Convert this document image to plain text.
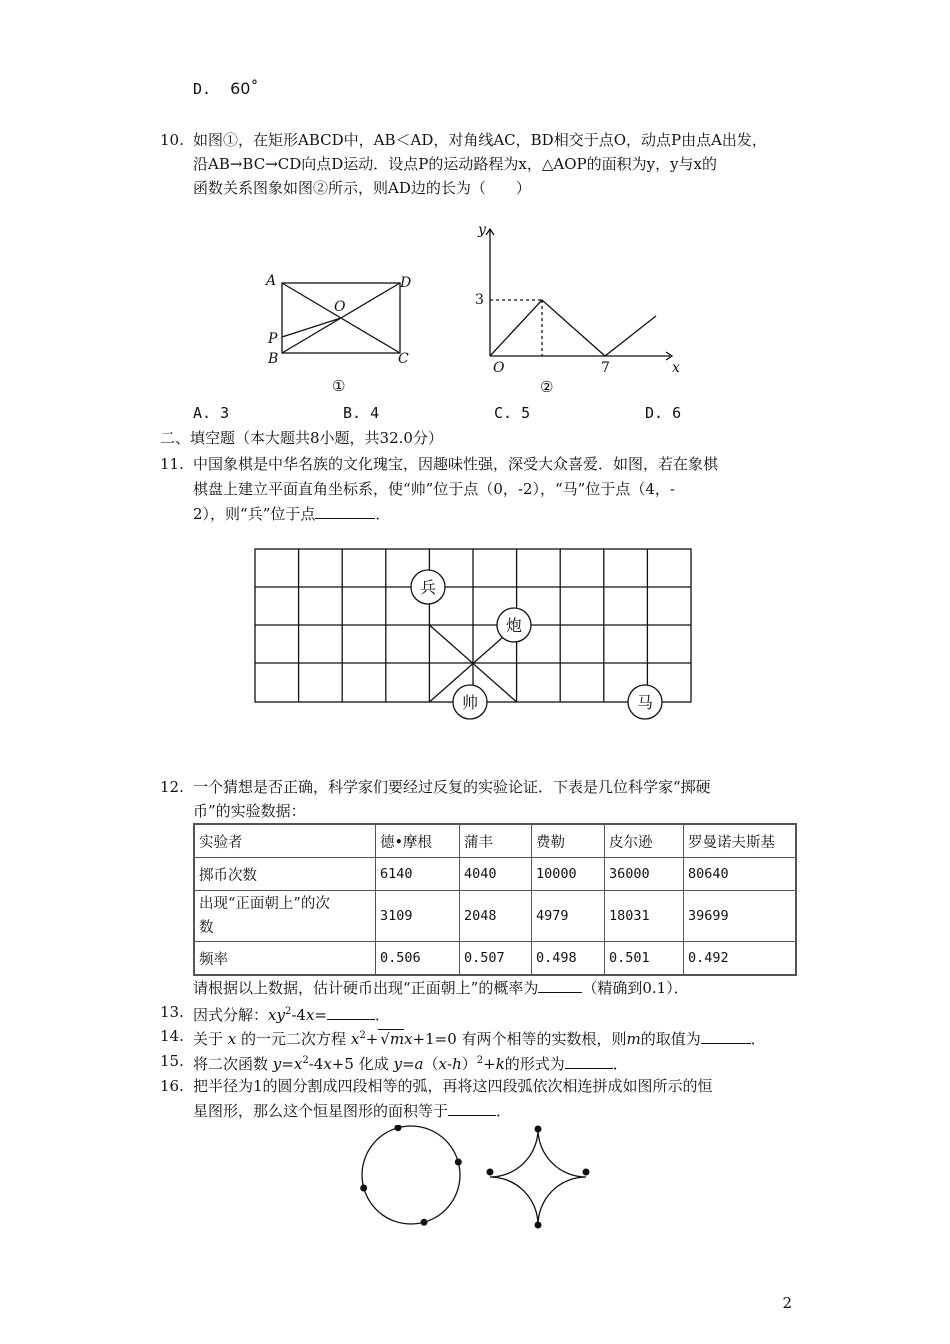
D. 60˚
10. 如图①，在矩形ABCD中，AB＜AD，对角线AC，BD相交于点O，动点P由点A出发，
沿AB→BC→CD向点D运动．设点P的运动路程为x，△AOP的面积为y，y与x的
函数关系图象如图②所示，则AD边的长为（　　）
A	D
O
P
B	C
①
y
x
O
3
7
②
A. 3	B. 4	C. 5	D. 6
二、填空题（本大题共8小题，共32.0分）
11. 中国象棋是中华名族的文化瑰宝，因趣味性强，深受大众喜爱．如图，若在象棋
棋盘上建立平面直角坐标系，使“帅”位于点（0，-2），“马”位于点（4，-
2），则“兵”位于点	．
兵
炮
帅	马
12. 一个猜想是否正确，科学家们要经过反复的实验论证．下表是几位科学家“掷硬
币”的实验数据：
实验者	德•摩根	蒲丰	费勒	皮尔逊	罗曼诺夫斯基
掷币次数	6140	4040	10000	36000	80640
出现“正面朝上”的次
数	3109	2048	4979	18031	39699
频率	0.506	0.507	0.498	0.501	0.492
请根据以上数据，估计硬币出现“正面朝上”的概率为	（精确到0.1）．
13. 因式分解：$xy^2-4x=$	．
14. 关于 x 的一元二次方程 $x^2+ √mx+1=0$ 有两个相等的实数根，则m的取值为	．
15. 将二次函数 $y=x^2-4x+5$ 化成 $y=a(x-h)^2+k$的形式为	．
16. 把半径为1的圆分割成四段相等的弧，再将这四段弧依次相连拼成如图所示的恒
星图形，那么这个恒星图形的面积等于	．
2
